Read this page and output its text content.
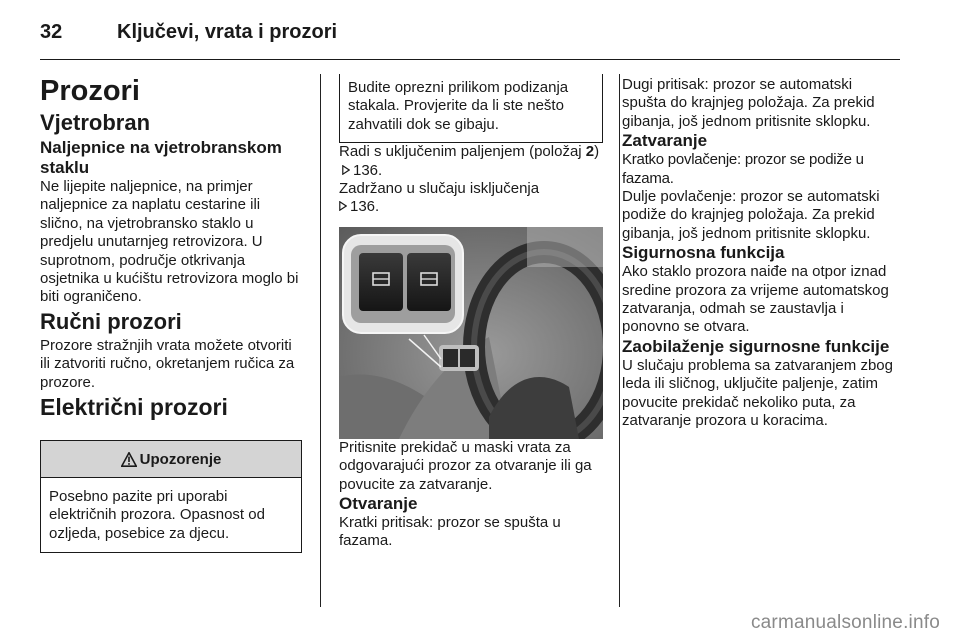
32	Ključevi, vrata i prozori
Prozori
Vjetrobran
Naljepnice na vjetrobranskom staklu

Ne lijepite naljepnice, na primjer naljepnice za naplatu cestarine ili slično, na vjetrobransko staklo u predjelu unutarnjeg retrovizora. U suprotnom, područje otkrivanja osjetnika u kućištu retrovizora moglo bi biti ograničeno.

Ručni prozori

Prozore stražnjih vrata možete otvoriti ili zatvoriti ručno, okretanjem ručica za prozore.

Električni prozori
Upozorenje
Posebno pazite pri uporabi električnih prozora. Opasnost od ozljeda, posebice za djecu.
Budite oprezni prilikom podizanja stakala. Provjerite da li ste nešto zahvatili dok se gibaju.

Radi s uključenim paljenjem (položaj 2)136.

Zadržano u slučaju isključenja
136.

Pritisnite prekidač u maski vrata za odgovarajući prozor za otvaranje ili ga povucite za zatvaranje.

Otvaranje

Kratki pritisak: prozor se spušta u fazama.

Dugi pritisak: prozor se automatski spušta do krajnjeg položaja. Za prekid gibanja, još jednom pritisnite sklopku.

Zatvaranje

Kratko povlačenje: prozor se podiže u fazama.

Dulje povlačenje: prozor se automatski podiže do krajnjeg položaja. Za prekid gibanja, još jednom pritisnite sklopku.

Sigurnosna funkcija

Ako staklo prozora naiđe na otpor iznad sredine prozora za vrijeme automatskog zatvaranja, odmah se zaustavlja i ponovno se otvara.

Zaobilaženje sigurnosne funkcije

U slučaju problema sa zatvaranjem zbog leda ili sličnog, uključite paljenje, zatim povucite prekidač nekoliko puta, za zatvaranje prozora u koracima.

carmanualsonline.info
